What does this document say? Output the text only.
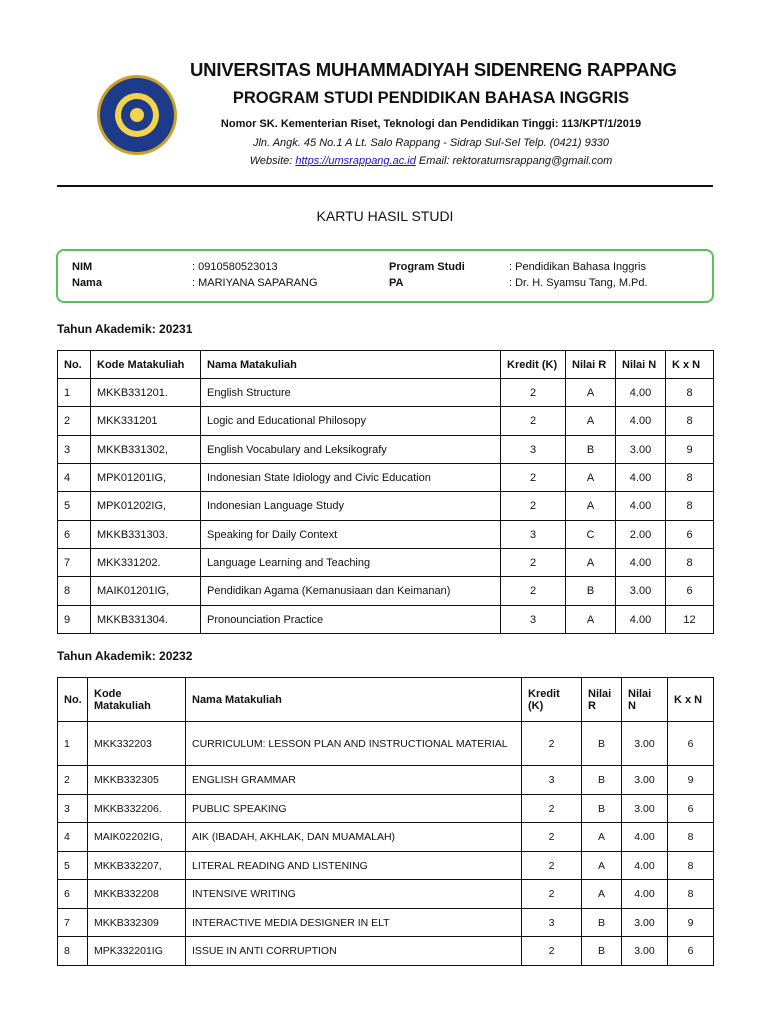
UNIVERSITAS MUHAMMADIYAH SIDENRENG RAPPANG
PROGRAM STUDI PENDIDIKAN BAHASA INGGRIS
Nomor SK. Kementerian Riset, Teknologi dan Pendidikan Tinggi: 113/KPT/1/2019
Jln. Angk. 45 No.1 A Lt. Salo Rappang - Sidrap Sul-Sel Telp. (0421) 9330
Website: https://umsrappang.ac.id Email: rektoratumsrappang@gmail.com
KARTU HASIL STUDI
NIM	: 0910580523013
Nama	: MARIYANA SAPARANG
Program Studi	: Pendidikan Bahasa Inggris
PA	: Dr. H. Syamsu Tang, M.Pd.
Tahun Akademik: 20231
No.	Kode Matakuliah	Nama Matakuliah	Kredit (K)	Nilai R	Nilai N	K x N
1	MKKB331201.	English Structure	2	A	4.00	8
2	MKK331201	Logic and Educational Philosopy	2	A	4.00	8
3	MKKB331302,	English Vocabulary and Leksikografy	3	B	3.00	9
4	MPK01201IG,	Indonesian State Idiology and Civic Education	2	A	4.00	8
5	MPK01202IG,	Indonesian Language Study	2	A	4.00	8
6	MKKB331303.	Speaking for Daily Context	3	C	2.00	6
7	MKK331202.	Language Learning and Teaching	2	A	4.00	8
8	MAIK01201IG,	Pendidikan Agama (Kemanusiaan dan Keimanan)	2	B	3.00	6
9	MKKB331304.	Pronounciation Practice	3	A	4.00	12
Tahun Akademik: 20232
No.	Kode Matakuliah	Nama Matakuliah	Kredit (K)	Nilai R	Nilai N	K x N
1	MKK332203	CURRICULUM: LESSON PLAN AND INSTRUCTIONAL MATERIAL	2	B	3.00	6
2	MKKB332305	ENGLISH GRAMMAR	3	B	3.00	9
3	MKKB332206.	PUBLIC SPEAKING	2	B	3.00	6
4	MAIK02202IG,	AIK (IBADAH, AKHLAK, DAN MUAMALAH)	2	A	4.00	8
5	MKKB332207,	LITERAL READING AND LISTENING	2	A	4.00	8
6	MKKB332208	INTENSIVE WRITING	2	A	4.00	8
7	MKKB332309	INTERACTIVE MEDIA DESIGNER IN ELT	3	B	3.00	9
8	MPK332201IG	ISSUE IN ANTI CORRUPTION	2	B	3.00	6
